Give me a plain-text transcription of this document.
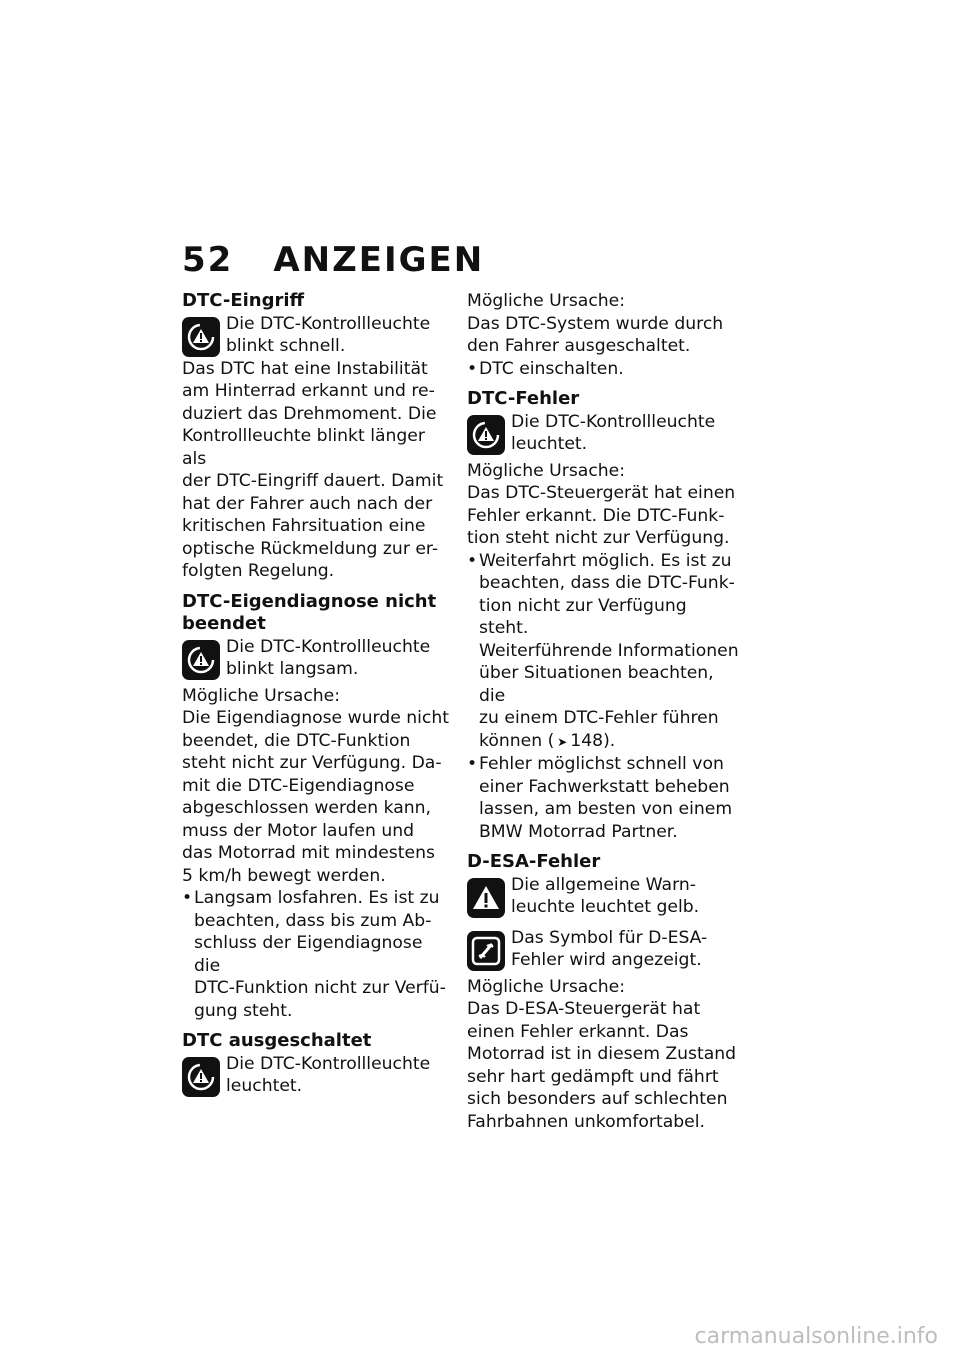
52 ANZEIGEN

DTC-Eingriff

Die DTC-Kontrollleuchte
blinkt schnell.

Das DTC hat eine Instabilität

am Hinterrad erkannt und re-

duziert das Drehmoment. Die

Kontrollleuchte blinkt länger als

der DTC-Eingriff dauert. Damit

hat der Fahrer auch nach der

kritischen Fahrsituation eine

optische Rückmeldung zur er-

folgten Regelung.

DTC-Eigendiagnose nicht

beendet

Die DTC-Kontrollleuchte
blinkt langsam.

Mögliche Ursache:

Die Eigendiagnose wurde nicht

beendet, die DTC-Funktion

steht nicht zur Verfügung. Da-

mit die DTC-Eigendiagnose

abgeschlossen werden kann,

muss der Motor laufen und

das Motorrad mit mindestens

5 km/h bewegt werden.

• Langsam losfahren. Es ist zu
beachten, dass bis zum Ab-
schluss der Eigendiagnose die
DTC-Funktion nicht zur Verfü-
gung steht.

DTC ausgeschaltet

Die DTC-Kontrollleuchte
leuchtet.

Mögliche Ursache:

Das DTC-System wurde durch

den Fahrer ausgeschaltet.

• DTC einschalten.

DTC-Fehler

Die DTC-Kontrollleuchte
leuchtet.

Mögliche Ursache:

Das DTC-Steuergerät hat einen

Fehler erkannt. Die DTC-Funk-

tion steht nicht zur Verfügung.

• Weiterfahrt möglich. Es ist zu
beachten, dass die DTC-Funk-
tion nicht zur Verfügung steht.
Weiterführende Informationen
über Situationen beachten, die
zu einem DTC-Fehler führen
können ( ➤ 148).
• Fehler möglichst schnell von
einer Fachwerkstatt beheben
lassen, am besten von einem
BMW Motorrad Partner.

D-ESA-Fehler

Die allgemeine Warn-
leuchte leuchtet gelb.
Das Symbol für D-ESA-
Fehler wird angezeigt.

Mögliche Ursache:

Das D-ESA-Steuergerät hat

einen Fehler erkannt. Das

Motorrad ist in diesem Zustand

sehr hart gedämpft und fährt

sich besonders auf schlechten

Fahrbahnen unkomfortabel.

carmanualsonline.info
